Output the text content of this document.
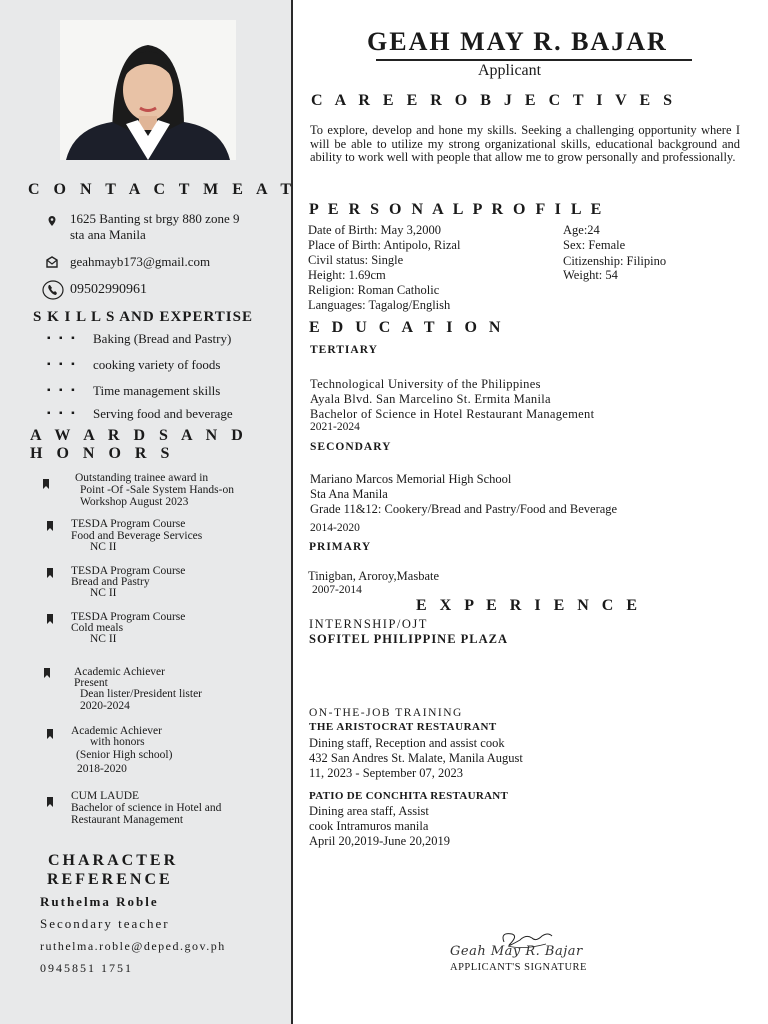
C O N T A C T M E A T
1625 Banting st brgy 880 zone 9
sta ana Manila
geahmayb173@gmail.com
09502990961
S K I L L S AND EXPERTISE
▪ ▪ ▪ Baking (Bread and Pastry)
▪ ▪ ▪ cooking variety of foods
▪ ▪ ▪ Time management skills
▪ ▪ ▪ Serving food and beverage
A W A R D S A N D
H O N O R S
Outstanding trainee award in
Point -Of -Sale System Hands-on
Workshop August 2023
TESDA Program Course
Food and Beverage Services
NC II
TESDA Program Course
Bread and Pastry
NC II
TESDA Program Course
Cold meals
NC II
Academic Achiever
Present
Dean lister/President lister
2020-2024
Academic Achiever
with honors
(Senior High school)
2018-2020
CUM LAUDE
Bachelor of science in Hotel and
Restaurant Management
CHARACTER
REFERENCE
Ruthelma Roble
Secondary teacher
ruthelma.roble@deped.gov.ph
0945851 1751
GEAH MAY R. BAJAR
Applicant
C A R E E R O B J E C T I V E S
To explore, develop and hone my skills. Seeking a challenging opportunity where I will be able to utilize my strong organizational skills, educational background and ability to work well with people that allow me to grow personally and professionally.
P E R S O N A L P R O F I L E
Date of Birth: May 3,2000
Place of Birth: Antipolo, Rizal
Civil status: Single
Height: 1.69cm
Religion: Roman Catholic
Languages: Tagalog/English
Age:24
Sex: Female
Citizenship: Filipino
Weight: 54
E D U C A T I O N
TERTIARY
Technological University of the Philippines
Ayala Blvd. San Marcelino St. Ermita Manila
Bachelor of Science in Hotel Restaurant Management
2021-2024
SECONDARY
Mariano Marcos Memorial High School
Sta Ana Manila
Grade 11&12: Cookery/Bread and Pastry/Food and Beverage
2014-2020
PRIMARY
Tinigban, Aroroy,Masbate
2007-2014
E X P E R I E N C E
INTERNSHIP/OJT
SOFITEL PHILIPPINE PLAZA
ON-THE-JOB TRAINING
THE ARISTOCRAT RESTAURANT
Dining staff, Reception and assist cook
432 San Andres St. Malate, Manila August
11, 2023 - September 07, 2023
PATIO DE CONCHITA RESTAURANT
Dining area staff, Assist
cook Intramuros manila
April 20,2019-June 20,2019
Geah May R. Bajar
APPLICANT'S SIGNATURE
